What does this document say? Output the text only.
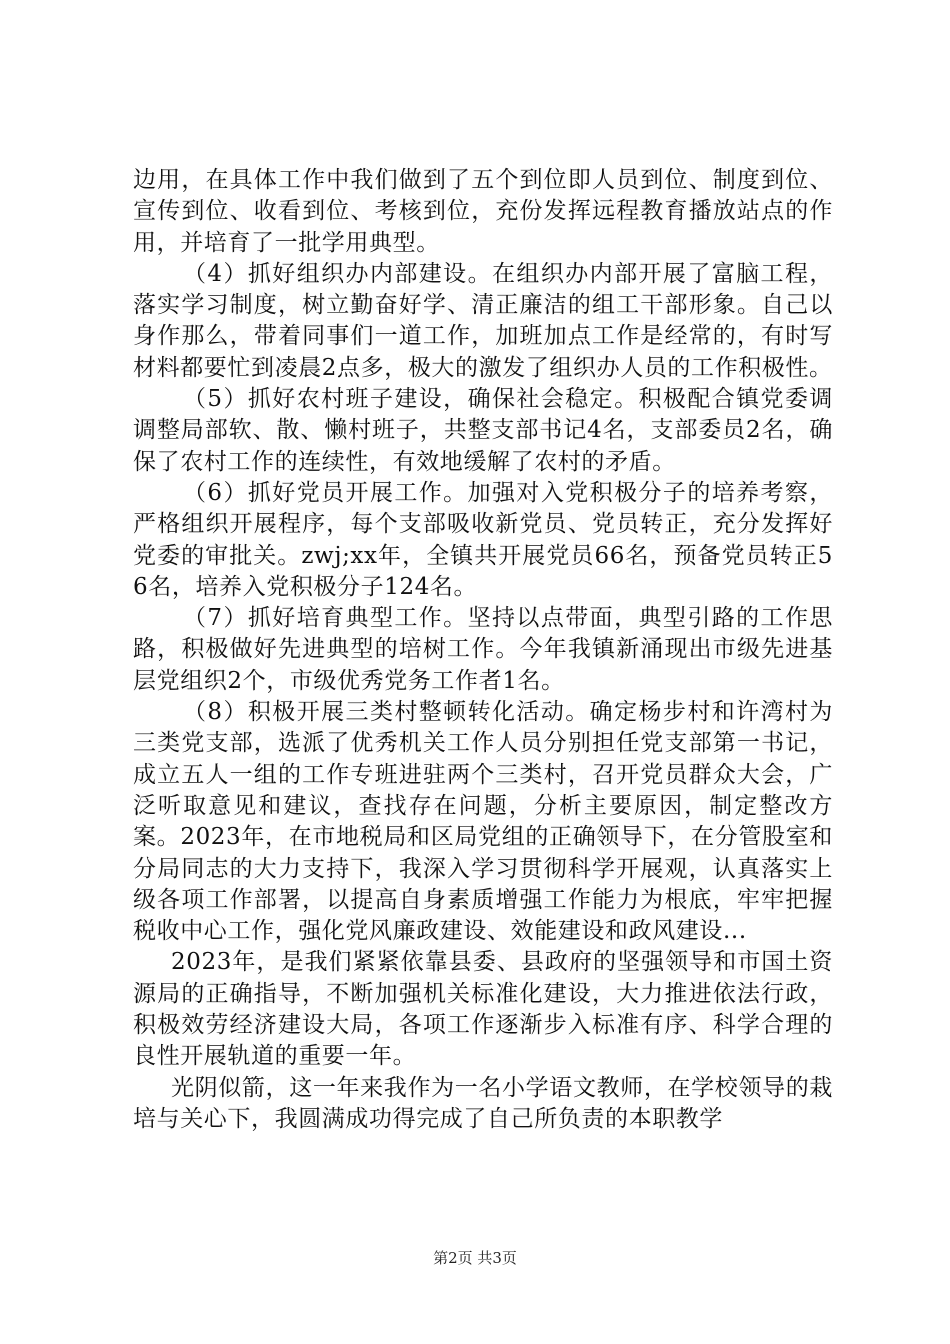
边用，在具体工作中我们做到了五个到位即人员到位、制度到位、宣传到位、收看到位、考核到位，充份发挥远程教育播放站点的作用，并培育了一批学用典型。

（4）抓好组织办内部建设。在组织办内部开展了富脑工程，落实学习制度，树立勤奋好学、清正廉洁的组工干部形象。自己以身作那么，带着同事们一道工作，加班加点工作是经常的，有时写材料都要忙到凌晨2点多，极大的激发了组织办人员的工作积极性。

（5）抓好农村班子建设，确保社会稳定。积极配合镇党委调调整局部软、散、懒村班子，共整支部书记4名，支部委员2名，确保了农村工作的连续性，有效地缓解了农村的矛盾。

（6）抓好党员开展工作。加强对入党积极分子的培养考察，严格组织开展程序，每个支部吸收新党员、党员转正，充分发挥好党委的审批关。zwj;xx年，全镇共开展党员66名，预备党员转正56名，培养入党积极分子124名。

（7）抓好培育典型工作。坚持以点带面，典型引路的工作思路，积极做好先进典型的培树工作。今年我镇新涌现出市级先进基层党组织2个，市级优秀党务工作者1名。

（8）积极开展三类村整顿转化活动。确定杨步村和许湾村为三类党支部，选派了优秀机关工作人员分别担任党支部第一书记，成立五人一组的工作专班进驻两个三类村，召开党员群众大会，广泛听取意见和建议，查找存在问题，分析主要原因，制定整改方案。2023年，在市地税局和区局党组的正确领导下，在分管股室和分局同志的大力支持下，我深入学习贯彻科学开展观，认真落实上级各项工作部署，以提高自身素质增强工作能力为根底，牢牢把握税收中心工作，强化党风廉政建设、效能建设和政风建设...

2023年，是我们紧紧依靠县委、县政府的坚强领导和市国土资源局的正确指导，不断加强机关标准化建设，大力推进依法行政，积极效劳经济建设大局，各项工作逐渐步入标准有序、科学合理的良性开展轨道的重要一年。

光阴似箭，这一年来我作为一名小学语文教师，在学校领导的栽培与关心下，我圆满成功得完成了自己所负责的本职教学

第2页 共3页
